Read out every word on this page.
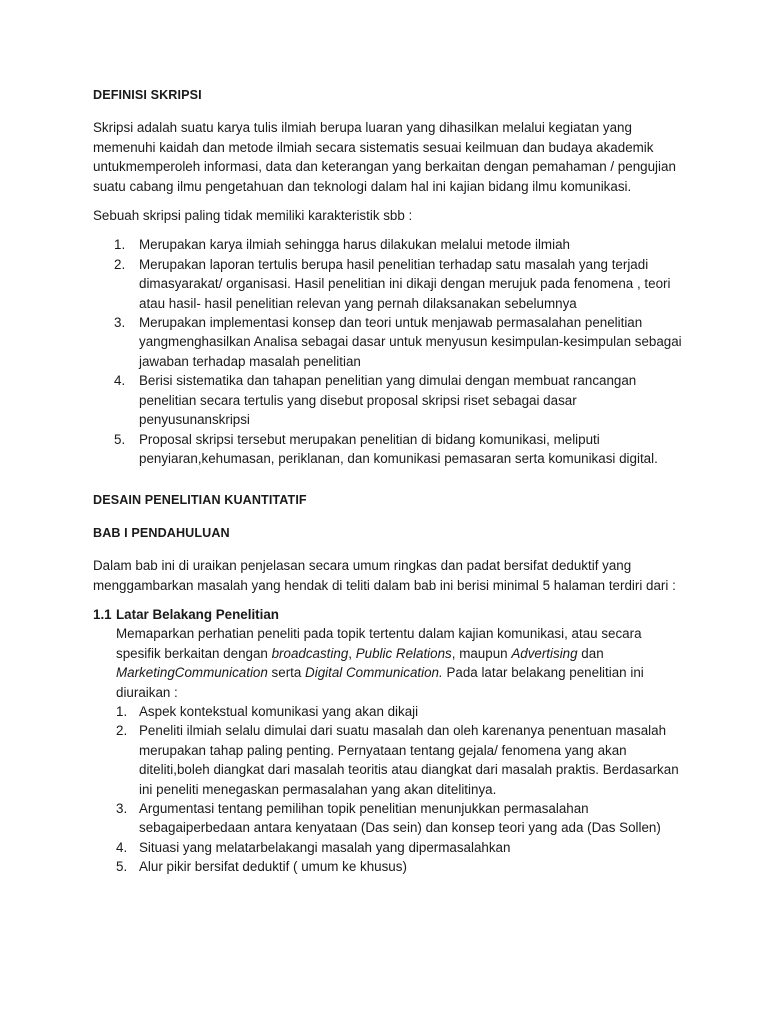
DEFINISI SKRIPSI

Skripsi adalah suatu karya tulis ilmiah berupa luaran yang dihasilkan melalui kegiatan yang memenuhi kaidah dan metode ilmiah secara sistematis sesuai keilmuan dan budaya akademik untukmemperoleh informasi, data dan keterangan yang berkaitan dengan pemahaman / pengujian suatu cabang ilmu pengetahuan dan teknologi dalam hal ini kajian bidang ilmu komunikasi.

Sebuah skripsi paling tidak memiliki karakteristik sbb :

1. Merupakan karya ilmiah sehingga harus dilakukan melalui metode ilmiah
2. Merupakan laporan tertulis berupa hasil penelitian terhadap satu masalah yang terjadi dimasyarakat/ organisasi. Hasil penelitian ini dikaji dengan merujuk pada fenomena , teori atau hasil- hasil penelitian relevan yang pernah dilaksanakan sebelumnya
3. Merupakan implementasi konsep dan teori untuk menjawab permasalahan penelitian yangmenghasilkan Analisa sebagai dasar untuk menyusun kesimpulan-kesimpulan sebagai jawaban terhadap masalah penelitian
4. Berisi sistematika dan tahapan penelitian yang dimulai dengan membuat rancangan penelitian secara tertulis yang disebut proposal skripsi riset sebagai dasar penyusunanskripsi
5. Proposal skripsi tersebut merupakan penelitian di bidang komunikasi, meliputi penyiaran,kehumasan, periklanan, dan komunikasi pemasaran serta komunikasi digital.

DESAIN PENELITIAN KUANTITATIF

BAB I PENDAHULUAN

Dalam bab ini di uraikan penjelasan secara umum ringkas dan padat bersifat deduktif yang menggambarkan masalah yang hendak di teliti dalam bab ini berisi minimal 5 halaman terdiri dari :

1.1 Latar Belakang Penelitian

Memaparkan perhatian peneliti pada topik tertentu dalam kajian komunikasi, atau secara spesifik berkaitan dengan broadcasting, Public Relations, maupun Advertising dan MarketingCommunication serta Digital Communication. Pada latar belakang penelitian ini diuraikan :

1. Aspek kontekstual komunikasi yang akan dikaji
2. Peneliti ilmiah selalu dimulai dari suatu masalah dan oleh karenanya penentuan masalah merupakan tahap paling penting. Pernyataan tentang gejala/ fenomena yang akan diteliti,boleh diangkat dari masalah teoritis atau diangkat dari masalah praktis. Berdasarkan ini peneliti menegaskan permasalahan yang akan ditelitinya.
3. Argumentasi tentang pemilihan topik penelitian menunjukkan permasalahan sebagaiperbedaan antara kenyataan (Das sein) dan konsep teori yang ada (Das Sollen)
4. Situasi yang melatarbelakangi masalah yang dipermasalahkan
5. Alur pikir bersifat deduktif ( umum ke khusus)
